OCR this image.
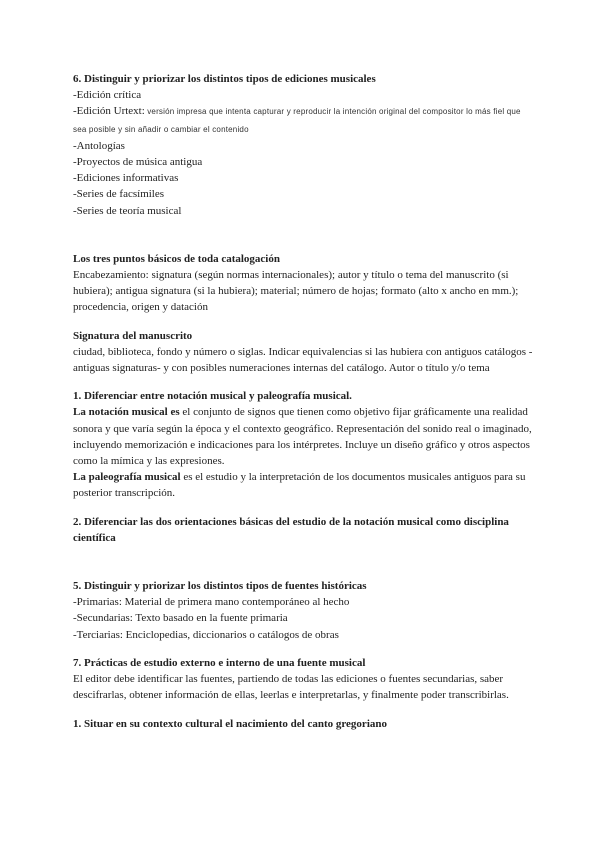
6. Distinguir y priorizar los distintos tipos de ediciones musicales

-Edición crítica

-Edición Urtext: versión impresa que intenta capturar y reproducir la intención original del compositor lo más fiel que sea posible y sin añadir o cambiar el contenido

-Antologías

-Proyectos de música antigua

-Ediciones informativas

-Series de facsímiles

-Series de teoría musical

Los tres puntos básicos de toda catalogación

Encabezamiento: signatura (según normas internacionales); autor y título o tema del manuscrito (si hubiera); antigua signatura (si la hubiera); material; número de hojas; formato (alto x ancho en mm.); procedencia, origen y datación

Signatura del manuscrito

ciudad, biblioteca, fondo y número o siglas. Indicar equivalencias si las hubiera con antiguos catálogos -antiguas signaturas- y con posibles numeraciones internas del catálogo. Autor o título y/o tema

1. Diferenciar entre notación musical y paleografía musical.

La notación musical es el conjunto de signos que tienen como objetivo fijar gráficamente una realidad sonora y que varía según la época y el contexto geográfico. Representación del sonido real o imaginado, incluyendo memorización e indicaciones para los intérpretes. Incluye un diseño gráfico y otros aspectos como la mímica y las expresiones.

La paleografía musical es el estudio y la interpretación de los documentos musicales antiguos para su posterior transcripción.

2. Diferenciar las dos orientaciones básicas del estudio de la notación musical como disciplina científica

5. Distinguir y priorizar los distintos tipos de fuentes históricas

-Primarias: Material de primera mano contemporáneo al hecho

-Secundarias: Texto basado en la fuente primaria

-Terciarias: Enciclopedias, diccionarios o catálogos de obras

7. Prácticas de estudio externo e interno de una fuente musical

El editor debe identificar las fuentes, partiendo de todas las ediciones o fuentes secundarias, saber descifrarlas, obtener información de ellas, leerlas e interpretarlas, y finalmente poder transcribirlas.

1. Situar en su contexto cultural el nacimiento del canto gregoriano
